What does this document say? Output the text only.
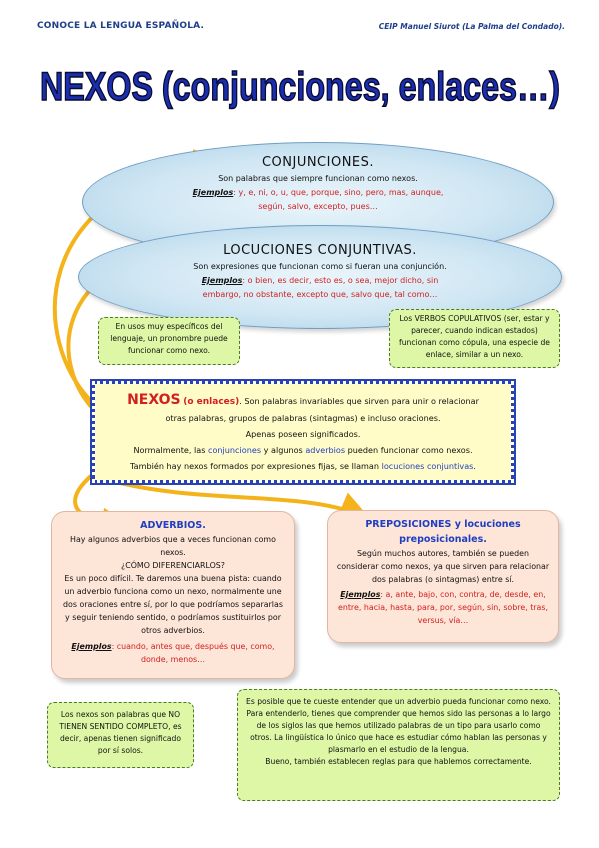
CONOCE LA LENGUA ESPAÑOLA.	CEIP Manuel Siurot (La Palma del Condado).
NEXOS (conjunciones, enlaces…)
CONJUNCIONES.
Son palabras que siempre funcionan como nexos.
Ejemplos: y, e, ni, o, u, que, porque, sino, pero, mas, aunque,
según, salvo, excepto, pues…
LOCUCIONES CONJUNTIVAS.
Son expresiones que funcionan como si fueran una conjunción.
Ejemplos: o bien, es decir, esto es, o sea, mejor dicho, sin
embargo, no obstante, excepto que, salvo que, tal como…
En usos muy específicos del lenguaje, un pronombre puede funcionar como nexo.
Los VERBOS COPULATIVOS (ser, estar y parecer, cuando indican estados) funcionan como cópula, una especie de enlace, similar a un nexo.
NEXOS (o enlaces). Son palabras invariables que sirven para unir o relacionar
otras palabras, grupos de palabras (sintagmas) e incluso oraciones.
Apenas poseen significados.
Normalmente, las conjunciones y algunos adverbios pueden funcionar como nexos.
También hay nexos formados por expresiones fijas, se llaman locuciones conjuntivas.
ADVERBIOS.
Hay algunos adverbios que a veces funcionan como nexos.
¿CÓMO DIFERENCIARLOS?
Es un poco difícil. Te daremos una buena pista: cuando un adverbio funciona como un nexo, normalmente une dos oraciones entre sí, por lo que podríamos separarlas y seguir teniendo sentido, o podríamos sustituirlos por otros adverbios.
Ejemplos: cuando, antes que, después que, como, donde, menos…
PREPOSICIONES y locuciones preposicionales.
Según muchos autores, también se pueden considerar como nexos, ya que sirven para relacionar dos palabras (o sintagmas) entre sí.
Ejemplos: a, ante, bajo, con, contra, de, desde, en, entre, hacia, hasta, para, por, según, sin, sobre, tras, versus, vía…
Los nexos son palabras que NO TIENEN SENTIDO COMPLETO, es decir, apenas tienen significado por sí solos.
Es posible que te cueste entender que un adverbio pueda funcionar como nexo.
Para entenderlo, tienes que comprender que hemos sido las personas a lo largo de los siglos las que hemos utilizado palabras de un tipo para usarlo como otros. La lingüística lo único que hace es estudiar cómo hablan las personas y plasmarlo en el estudio de la lengua.
Bueno, también establecen reglas para que hablemos correctamente.
